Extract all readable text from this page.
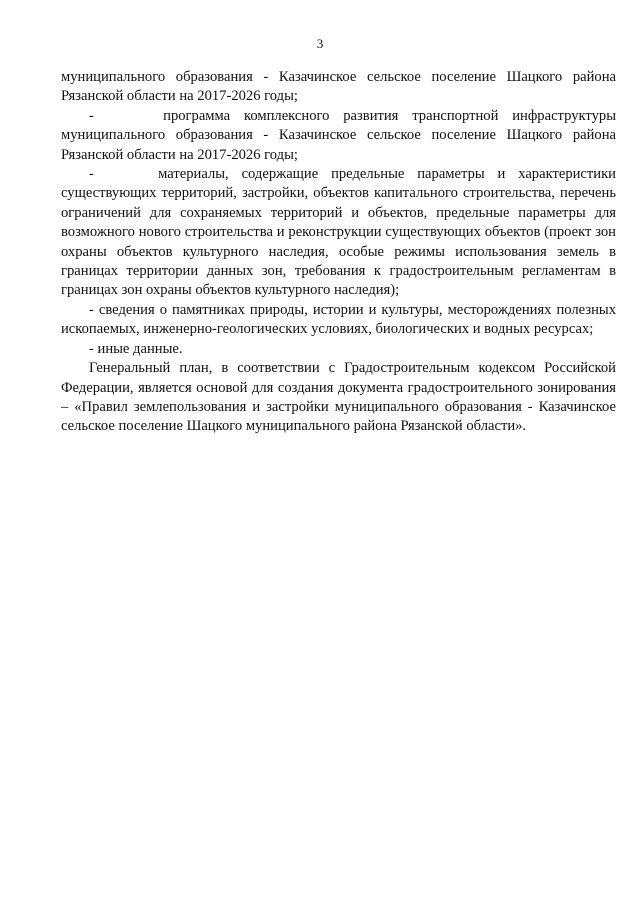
3

муниципального образования - Казачинское сельское поселение Шацкого района Рязанской области на 2017-2026 годы;

-     программа комплексного развития транспортной инфраструктуры муниципального образования - Казачинское сельское поселение Шацкого района Рязанской области на 2017-2026 годы;

-     материалы, содержащие предельные параметры и характеристики существующих территорий, застройки, объектов капитального строительства, перечень ограничений для сохраняемых территорий и объектов, предельные параметры для возможного нового строительства и реконструкции существующих объектов (проект зон охраны объектов культурного наследия, особые режимы использования земель в границах территории данных зон, требования к градостроительным регламентам в границах зон охраны объектов культурного наследия);

- сведения о памятниках природы, истории и культуры, месторождениях полезных ископаемых, инженерно-геологических условиях, биологических и водных ресурсах;

- иные данные.

Генеральный план, в соответствии с Градостроительным кодексом Российской Федерации, является основой для создания документа градостроительного зонирования – «Правил землепользования и застройки муниципального образования - Казачинское сельское поселение Шацкого муниципального района Рязанской области».
